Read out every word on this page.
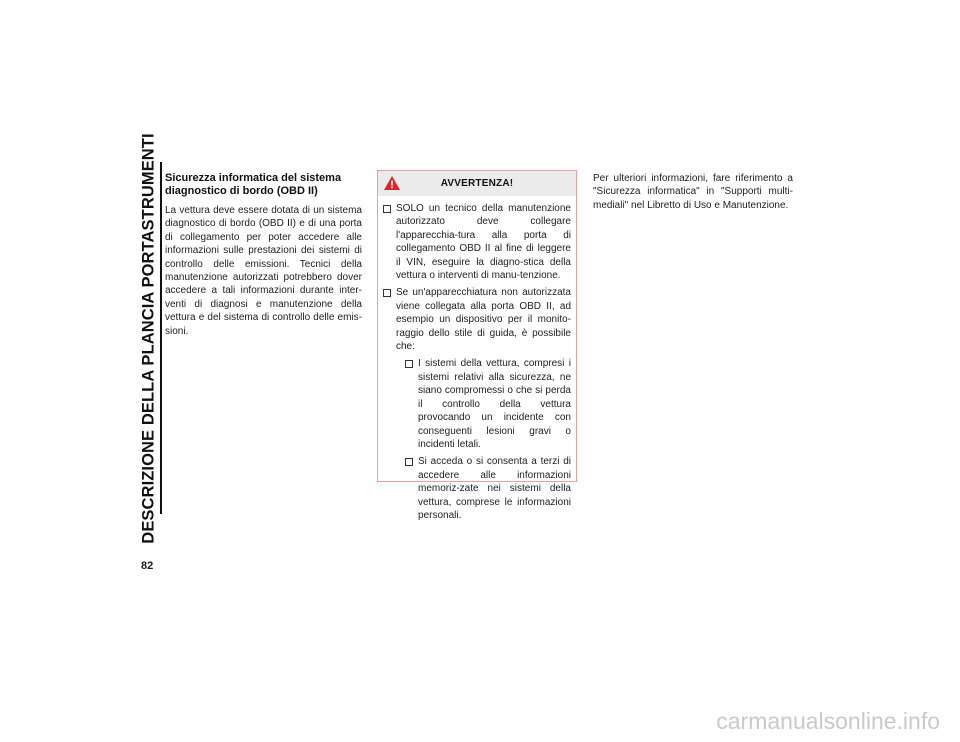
DESCRIZIONE DELLA PLANCIA PORTASTRUMENTI
82
Sicurezza informatica del sistema
diagnostico di bordo (OBD II)

La vettura deve essere dotata di un sistema diagnostico di bordo (OBD II) e di una porta di collegamento per poter accedere alle informazioni sulle prestazioni dei sistemi di controllo delle emissioni. Tecnici della manutenzione autorizzati potrebbero dover accedere a tali informazioni durante inter-venti di diagnosi e manutenzione della vettura e del sistema di controllo delle emis-sioni.

AVVERTENZA!
SOLO un tecnico della manutenzione autorizzato deve collegare l'apparecchia-tura alla porta di collegamento OBD II al fine di leggere il VIN, eseguire la diagno-stica della vettura o interventi di manu-tenzione.
Se un'apparecchiatura non autorizzata viene collegata alla porta OBD II, ad esempio un dispositivo per il monito-raggio dello stile di guida, è possibile che:
I sistemi della vettura, compresi i sistemi relativi alla sicurezza, ne siano compromessi o che si perda il controllo della vettura provocando un incidente con conseguenti lesioni gravi o incidenti letali.
Si acceda o si consenta a terzi di accedere alle informazioni memoriz-zate nei sistemi della vettura, comprese le informazioni personali.

Per ulteriori informazioni, fare riferimento a "Sicurezza informatica" in "Supporti multi-mediali" nel Libretto di Uso e Manutenzione.

carmanualsonline.info
